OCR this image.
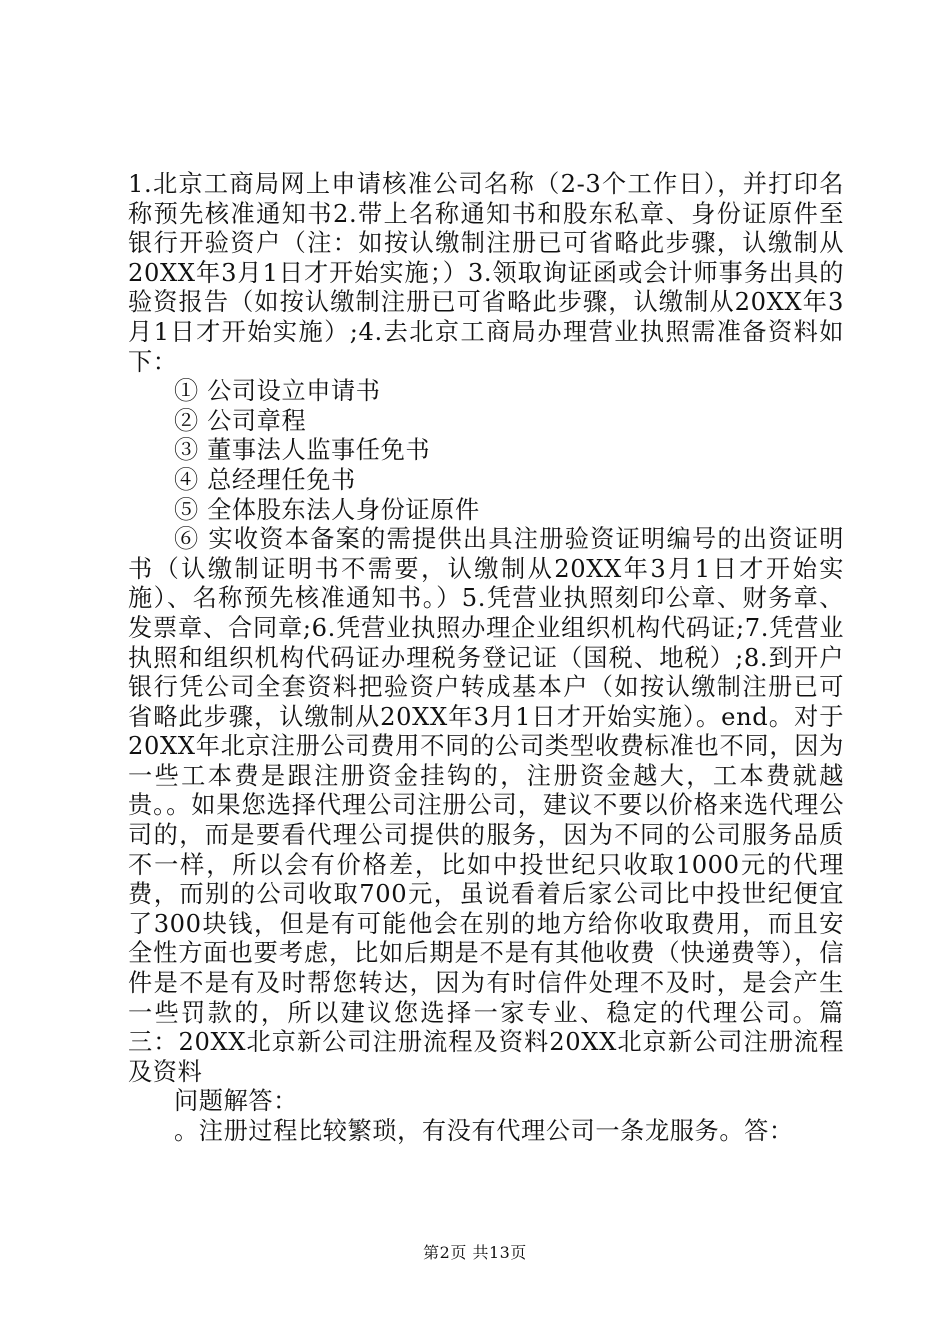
1.北京工商局网上申请核准公司名称（2-3个工作日），并打印名称预先核准通知书2.带上名称通知书和股东私章、身份证原件至银行开验资户（注：如按认缴制注册已可省略此步骤，认缴制从20XX年3月1日才开始实施；）3.领取询证函或会计师事务出具的验资报告（如按认缴制注册已可省略此步骤，认缴制从20XX年3月1日才开始实施）;4.去北京工商局办理营业执照需准备资料如下：

① 公司设立申请书

② 公司章程

③ 董事法人监事任免书

④ 总经理任免书

⑤ 全体股东法人身份证原件

⑥ 实收资本备案的需提供出具注册验资证明编号的出资证明书（认缴制证明书不需要，认缴制从20XX年3月1日才开始实施）、名称预先核准通知书。）5.凭营业执照刻印公章、财务章、发票章、合同章;6.凭营业执照办理企业组织机构代码证;7.凭营业执照和组织机构代码证办理税务登记证（国税、地税）;8.到开户银行凭公司全套资料把验资户转成基本户（如按认缴制注册已可省略此步骤，认缴制从20XX年3月1日才开始实施）。end。对于20XX年北京注册公司费用不同的公司类型收费标准也不同，因为一些工本费是跟注册资金挂钩的，注册资金越大，工本费就越贵。。如果您选择代理公司注册公司，建议不要以价格来选代理公司的，而是要看代理公司提供的服务，因为不同的公司服务品质不一样，所以会有价格差，比如中投世纪只收取1000元的代理费，而别的公司收取700元，虽说看着后家公司比中投世纪便宜了300块钱，但是有可能他会在别的地方给你收取费用，而且安全性方面也要考虑，比如后期是不是有其他收费（快递费等），信件是不是有及时帮您转达，因为有时信件处理不及时，是会产生一些罚款的，所以建议您选择一家专业、稳定的代理公司。篇三：20XX北京新公司注册流程及资料20XX北京新公司注册流程及资料

问题解答：

。注册过程比较繁琐，有没有代理公司一条龙服务。答：

第2页 共13页
